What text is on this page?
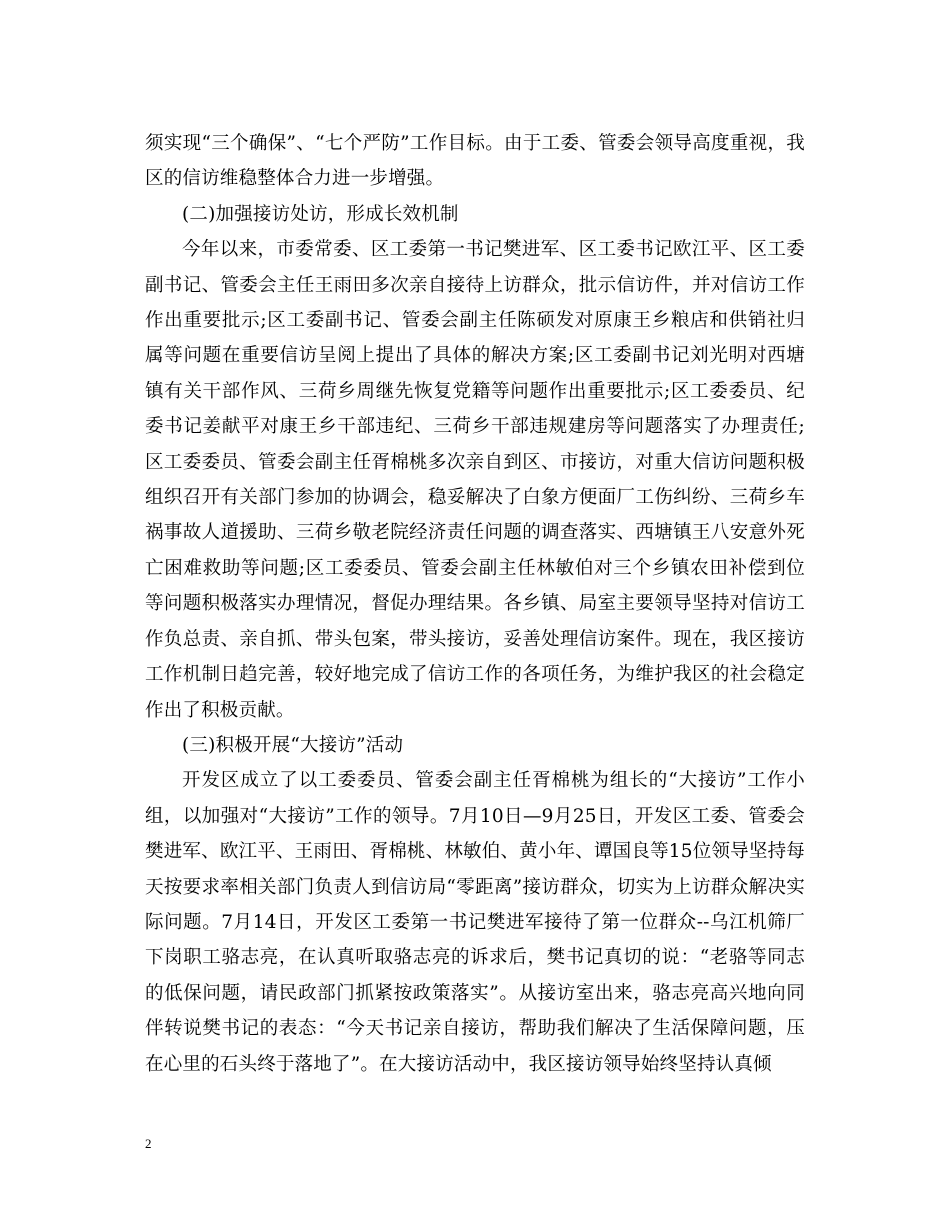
须实现“三个确保”、“七个严防”工作目标。由于工委、管委会领导高度重视，我区的信访维稳整体合力进一步增强。

(二)加强接访处访，形成长效机制

今年以来，市委常委、区工委第一书记樊进军、区工委书记欧江平、区工委副书记、管委会主任王雨田多次亲自接待上访群众，批示信访件，并对信访工作作出重要批示;区工委副书记、管委会副主任陈硕发对原康王乡粮店和供销社归属等问题在重要信访呈阅上提出了具体的解决方案;区工委副书记刘光明对西塘镇有关干部作风、三荷乡周继先恢复党籍等问题作出重要批示;区工委委员、纪委书记姜献平对康王乡干部违纪、三荷乡干部违规建房等问题落实了办理责任;区工委委员、管委会副主任胥棉桃多次亲自到区、市接访，对重大信访问题积极组织召开有关部门参加的协调会，稳妥解决了白象方便面厂工伤纠纷、三荷乡车祸事故人道援助、三荷乡敬老院经济责任问题的调查落实、西塘镇王八安意外死亡困难救助等问题;区工委委员、管委会副主任林敏伯对三个乡镇农田补偿到位等问题积极落实办理情况，督促办理结果。各乡镇、局室主要领导坚持对信访工作负总责、亲自抓、带头包案，带头接访，妥善处理信访案件。现在，我区接访工作机制日趋完善，较好地完成了信访工作的各项任务，为维护我区的社会稳定作出了积极贡献。

(三)积极开展“大接访”活动

开发区成立了以工委委员、管委会副主任胥棉桃为组长的“大接访”工作小组，以加强对“大接访”工作的领导。7月10日—9月25日，开发区工委、管委会樊进军、欧江平、王雨田、胥棉桃、林敏伯、黄小年、谭国良等15位领导坚持每天按要求率相关部门负责人到信访局“零距离”接访群众，切实为上访群众解决实际问题。7月14日，开发区工委第一书记樊进军接待了第一位群众--乌江机筛厂下岗职工骆志亮，在认真听取骆志亮的诉求后，樊书记真切的说：“老骆等同志的低保问题，请民政部门抓紧按政策落实”。从接访室出来，骆志亮高兴地向同伴转说樊书记的表态：“今天书记亲自接访，帮助我们解决了生活保障问题，压在心里的石头终于落地了”。在大接访活动中，我区接访领导始终坚持认真倾

2
